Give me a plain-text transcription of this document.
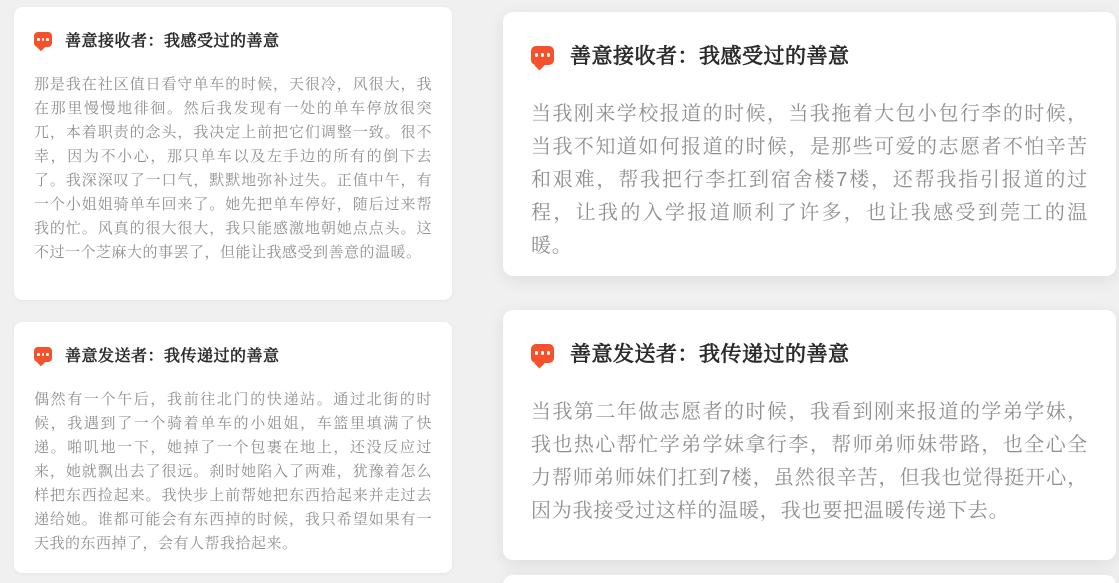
善意接收者：我感受过的善意

那是我在社区值日看守单车的时候，天很冷，风很大，我在那里慢慢地徘徊。然后我发现有一处的单车停放很突兀，本着职责的念头，我决定上前把它们调整一致。很不幸，因为不小心，那只单车以及左手边的所有的倒下去了。我深深叹了一口气，默默地弥补过失。正值中午，有一个小姐姐骑单车回来了。她先把单车停好，随后过来帮我的忙。风真的很大很大，我只能感激地朝她点点头。这不过一个芝麻大的事罢了，但能让我感受到善意的温暖。

善意接收者：我感受过的善意

当我刚来学校报道的时候，当我拖着大包小包行李的时候，当我不知道如何报道的时候，是那些可爱的志愿者不怕辛苦和艰难，帮我把行李扛到宿舍楼7楼，还帮我指引报道的过程，让我的入学报道顺利了许多，也让我感受到莞工的温暖。

善意发送者：我传递过的善意

偶然有一个午后，我前往北门的快递站。通过北街的时候，我遇到了一个骑着单车的小姐姐，车篮里填满了快递。啪叽地一下，她掉了一个包裹在地上，还没反应过来，她就飘出去了很远。刹时她陷入了两难，犹豫着怎么样把东西捡起来。我快步上前帮她把东西拾起来并走过去递给她。谁都可能会有东西掉的时候，我只希望如果有一天我的东西掉了，会有人帮我拾起来。

善意发送者：我传递过的善意

当我第二年做志愿者的时候，我看到刚来报道的学弟学妹，我也热心帮忙学弟学妹拿行李，帮师弟师妹带路，也全心全力帮师弟师妹们扛到7楼，虽然很辛苦，但我也觉得挺开心，因为我接受过这样的温暖，我也要把温暖传递下去。
